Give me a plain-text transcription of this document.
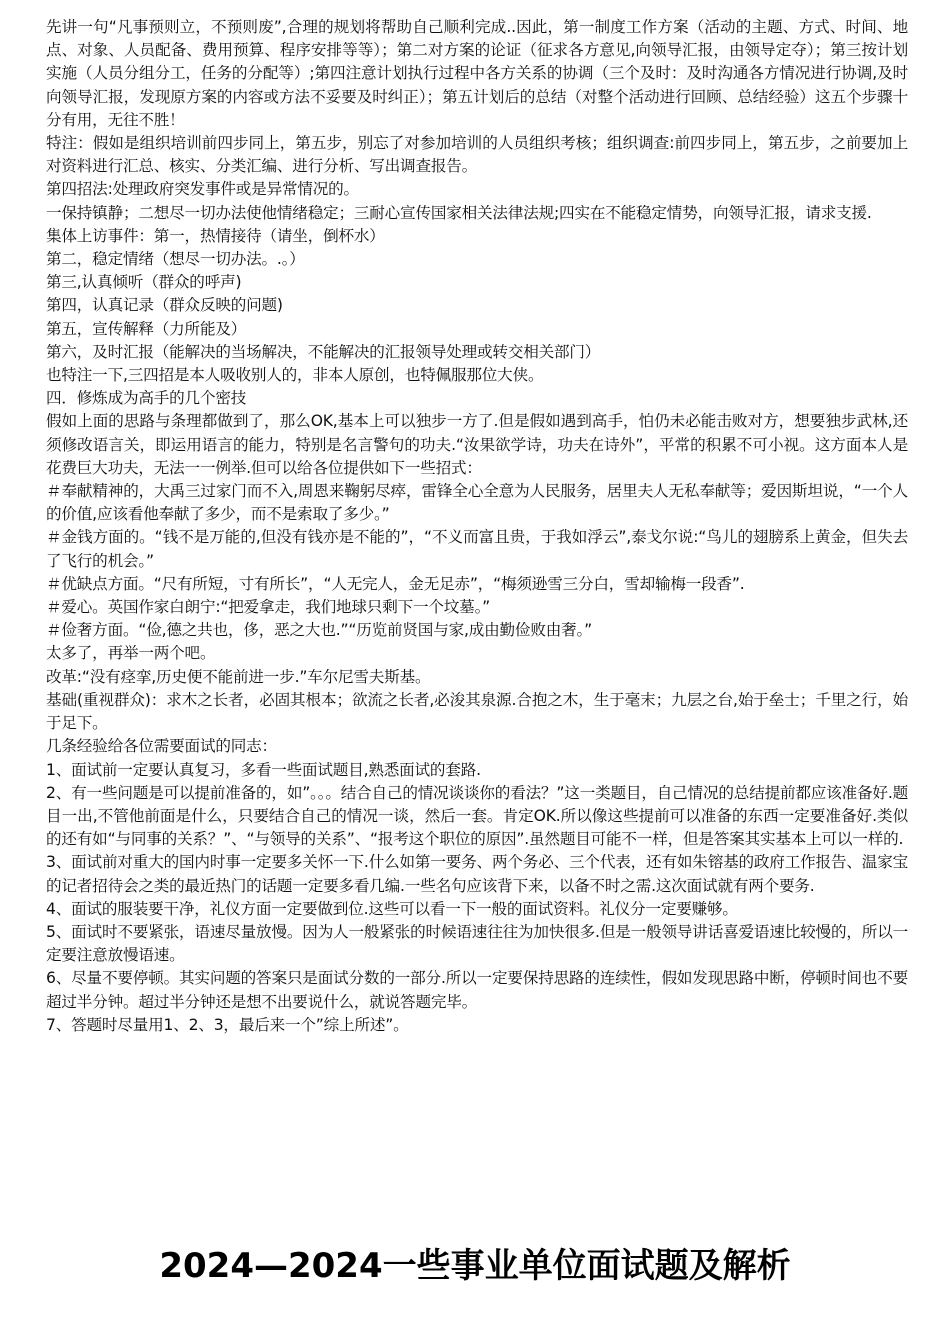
先讲一句“凡事预则立，不预则废”,合理的规划将帮助自己顺利完成..因此，第一制度工作方案（活动的主题、方式、时间、地点、对象、人员配备、费用预算、程序安排等等）；第二对方案的论证（征求各方意见,向领导汇报，由领导定夺）；第三按计划实施（人员分组分工，任务的分配等）;第四注意计划执行过程中各方关系的协调（三个及时：及时沟通各方情况进行协调,及时向领导汇报，发现原方案的内容或方法不妥要及时纠正）；第五计划后的总结（对整个活动进行回顾、总结经验）这五个步骤十分有用，无往不胜！

特注：假如是组织培训前四步同上，第五步，别忘了对参加培训的人员组织考核；组织调查:前四步同上，第五步，之前要加上对资料进行汇总、核实、分类汇编、进行分析、写出调查报告。

第四招法:处理政府突发事件或是异常情况的。

一保持镇静；二想尽一切办法使他情绪稳定；三耐心宣传国家相关法律法规;四实在不能稳定情势，向领导汇报，请求支援.

集体上访事件：第一，热情接待（请坐，倒杯水）

第二，稳定情绪（想尽一切办法。.。）

第三,认真倾听（群众的呼声)

第四，认真记录（群众反映的问题)

第五，宣传解释（力所能及）

第六，及时汇报（能解决的当场解决，不能解决的汇报领导处理或转交相关部门）

也特注一下,三四招是本人吸收别人的，非本人原创，也特佩服那位大侠。

四．修炼成为高手的几个密技

假如上面的思路与条理都做到了，那么OK,基本上可以独步一方了.但是假如遇到高手，怕仍未必能击败对方，想要独步武林,还须修改语言关，即运用语言的能力，特别是名言警句的功夫.“汝果欲学诗，功夫在诗外”，平常的积累不可小视。这方面本人是花费巨大功夫，无法一一例举.但可以给各位提供如下一些招式：

＃奉献精神的，大禹三过家门而不入,周恩来鞠躬尽瘁，雷锋全心全意为人民服务，居里夫人无私奉献等；爱因斯坦说，“一个人的价值,应该看他奉献了多少，而不是索取了多少。”

＃金钱方面的。“钱不是万能的,但没有钱亦是不能的”，“不义而富且贵，于我如浮云”,泰戈尔说:“鸟儿的翅膀系上黄金，但失去了飞行的机会。”

＃优缺点方面。“尺有所短，寸有所长”，“人无完人，金无足赤”，“梅须逊雪三分白，雪却输梅一段香”.

＃爱心。英国作家白朗宁:“把爱拿走，我们地球只剩下一个坟墓。”

＃俭奢方面。“俭,德之共也，侈，恶之大也.”“历览前贤国与家,成由勤俭败由奢。”

太多了，再举一两个吧。

改革:“没有痉挛,历史便不能前进一步.”车尔尼雪夫斯基。

基础(重视群众)：求木之长者，必固其根本；欲流之长者,必浚其泉源.合抱之木，生于毫末；九层之台,始于垒士；千里之行，始于足下。

几条经验给各位需要面试的同志：

1、面试前一定要认真复习，多看一些面试题目,熟悉面试的套路.

2、有一些问题是可以提前准备的，如”。。。结合自己的情况谈谈你的看法？”这一类题目，自己情况的总结提前都应该准备好.题目一出,不管他前面是什么，只要结合自己的情况一谈，然后一套。肯定OK.所以像这些提前可以准备的东西一定要准备好.类似的还有如“与同事的关系？”、“与领导的关系”、“报考这个职位的原因”.虽然题目可能不一样，但是答案其实基本上可以一样的.

3、面试前对重大的国内时事一定要多关怀一下.什么如第一要务、两个务必、三个代表，还有如朱镕基的政府工作报告、温家宝的记者招待会之类的最近热门的话题一定要多看几编.一些名句应该背下来，以备不时之需.这次面试就有两个要务.

4、面试的服装要干净，礼仪方面一定要做到位.这些可以看一下一般的面试资料。礼仪分一定要赚够。

5、面试时不要紧张，语速尽量放慢。因为人一般紧张的时候语速往往为加快很多.但是一般领导讲话喜爱语速比较慢的，所以一定要注意放慢语速。

6、尽量不要停顿。其实问题的答案只是面试分数的一部分.所以一定要保持思路的连续性，假如发现思路中断，停顿时间也不要超过半分钟。超过半分钟还是想不出要说什么，就说答题完毕。

7、答题时尽量用1、2、3，最后来一个”综上所述”。

2024—2024一些事业单位面试题及解析
